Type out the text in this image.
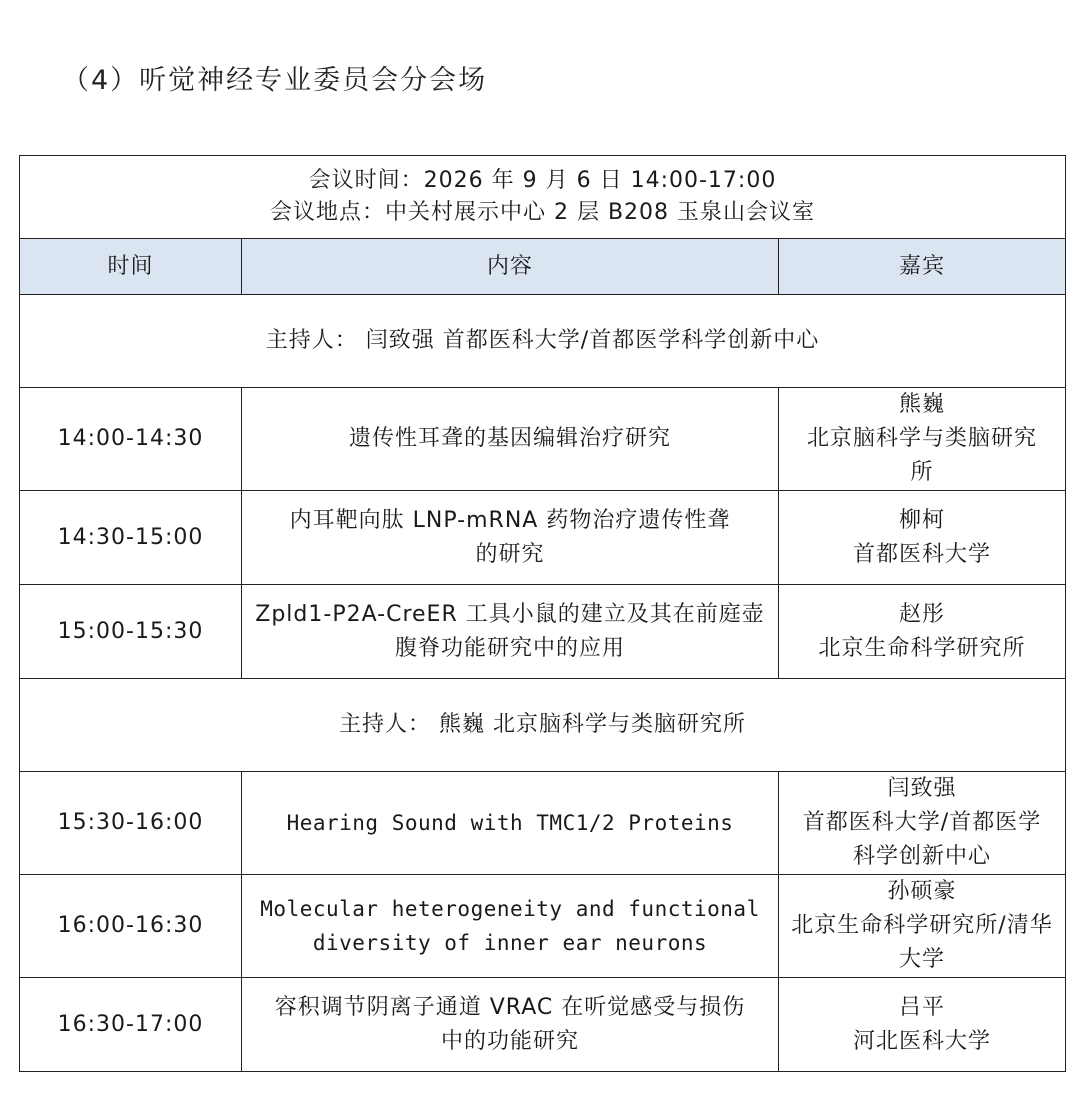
（4）听觉神经专业委员会分会场
会议时间：2026 年 9 月 6 日 14:00-17:00
会议地点：中关村展示中心 2 层 B208 玉泉山会议室		

时间	内容	嘉宾
主持人： 闫致强 首都医科大学/首都医学科学创新中心		
14:00-14:30	遗传性耳聋的基因编辑治疗研究	熊巍
北京脑科学与类脑研究所

14:30-15:00	内耳靶向肽 LNP-mRNA 药物治疗遗传性聋的研究	柳柯
首都医科大学

15:00-15:30	Zpld1-P2A-CreER 工具小鼠的建立及其在前庭壶腹脊功能研究中的应用	赵彤
北京生命科学研究所

主持人： 熊巍 北京脑科学与类脑研究所		
15:30-16:00	Hearing Sound with TMC1/2 Proteins	闫致强
首都医科大学/首都医学科学创新中心

16:00-16:30	Molecular heterogeneity and functional diversity of inner ear neurons	孙硕豪
北京生命科学研究所/清华大学

16:30-17:00	容积调节阴离子通道 VRAC 在听觉感受与损伤中的功能研究	吕平
河北医科大学
